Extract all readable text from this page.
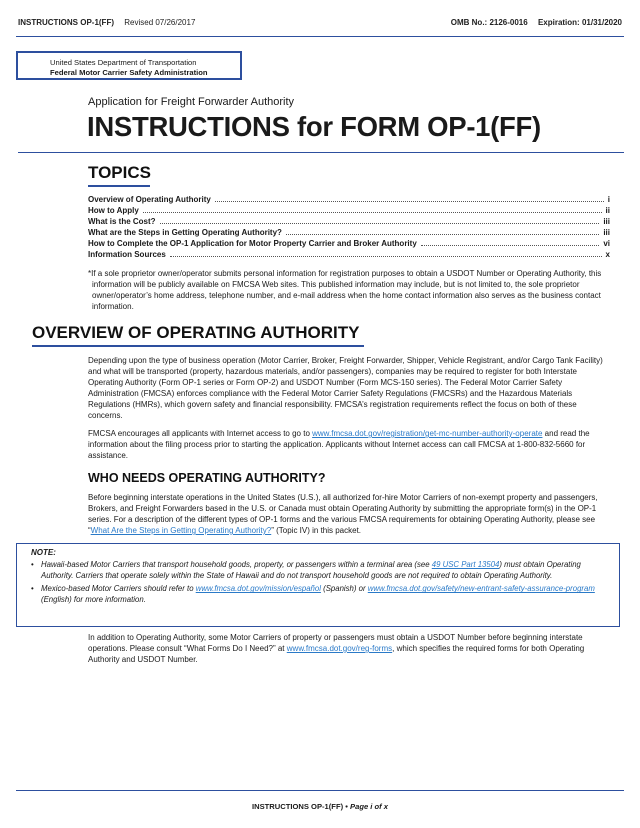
INSTRUCTIONS OP-1(FF) Revised 07/26/2017	OMB No.: 2126-0016 Expiration: 01/31/2020
United States Department of Transportation
Federal Motor Carrier Safety Administration
Application for Freight Forwarder Authority
INSTRUCTIONS for FORM OP-1(FF)
TOPICS
Overview of Operating Authority	i
How to Apply	ii
What is the Cost?	iii
What are the Steps in Getting Operating Authority?	iii
How to Complete the OP-1 Application for Motor Property Carrier and Broker Authority	vi
Information Sources	x
*If a sole proprietor owner/operator submits personal information for registration purposes to obtain a USDOT Number or Operating Authority, this information will be publicly available on FMCSA Web sites. This published information may include, but is not limited to, the sole proprietor owner/operator’s home address, telephone number, and e-mail address when the home contact information also serves as the business contact information.
OVERVIEW OF OPERATING AUTHORITY
Depending upon the type of business operation (Motor Carrier, Broker, Freight Forwarder, Shipper, Vehicle Registrant, and/or Cargo Tank Facility) and what will be transported (property, hazardous materials, and/or passengers), companies may be required to register for both Interstate Operating Authority (Form OP-1 series or Form OP-2) and USDOT Number (Form MCS-150 series). The Federal Motor Carrier Safety Administration (FMCSA) enforces compliance with the Federal Motor Carrier Safety Regulations (FMCSRs) and the Hazardous Materials Regulations (HMRs), which govern safety and financial responsibility. FMCSA’s registration requirements reflect the focus on both of these concerns.
FMCSA encourages all applicants with Internet access to go to www.fmcsa.dot.gov/registration/get-mc-number-authority-operate and read the information about the filing process prior to starting the application. Applicants without Internet access can call FMCSA at 1-800-832-5660 for assistance.
WHO NEEDS OPERATING AUTHORITY?
Before beginning interstate operations in the United States (U.S.), all authorized for-hire Motor Carriers of non-exempt property and passengers, Brokers, and Freight Forwarders based in the U.S. or Canada must obtain Operating Authority by submitting the appropriate form(s) in the OP-1 series. For a description of the different types of OP-1 forms and the various FMCSA requirements for obtaining Operating Authority, please see “What Are the Steps in Getting Operating Authority?” (Topic IV) in this packet.
NOTE:
• Hawaii-based Motor Carriers that transport household goods, property, or passengers within a terminal area (see 49 USC Part 13504) must obtain Operating Authority. Carriers that operate solely within the State of Hawaii and do not transport household goods are not required to obtain Operating Authority.
• Mexico-based Motor Carriers should refer to www.fmcsa.dot.gov/mission/español (Spanish) or www.fmcsa.dot.gov/safety/new-entrant-safety-assurance-program (English) for more information.
In addition to Operating Authority, some Motor Carriers of property or passengers must obtain a USDOT Number before beginning interstate operations. Please consult “What Forms Do I Need?” at www.fmcsa.dot.gov/reg-forms, which specifies the required forms for both Operating Authority and USDOT Number.
INSTRUCTIONS OP-1(FF) • Page i of x
